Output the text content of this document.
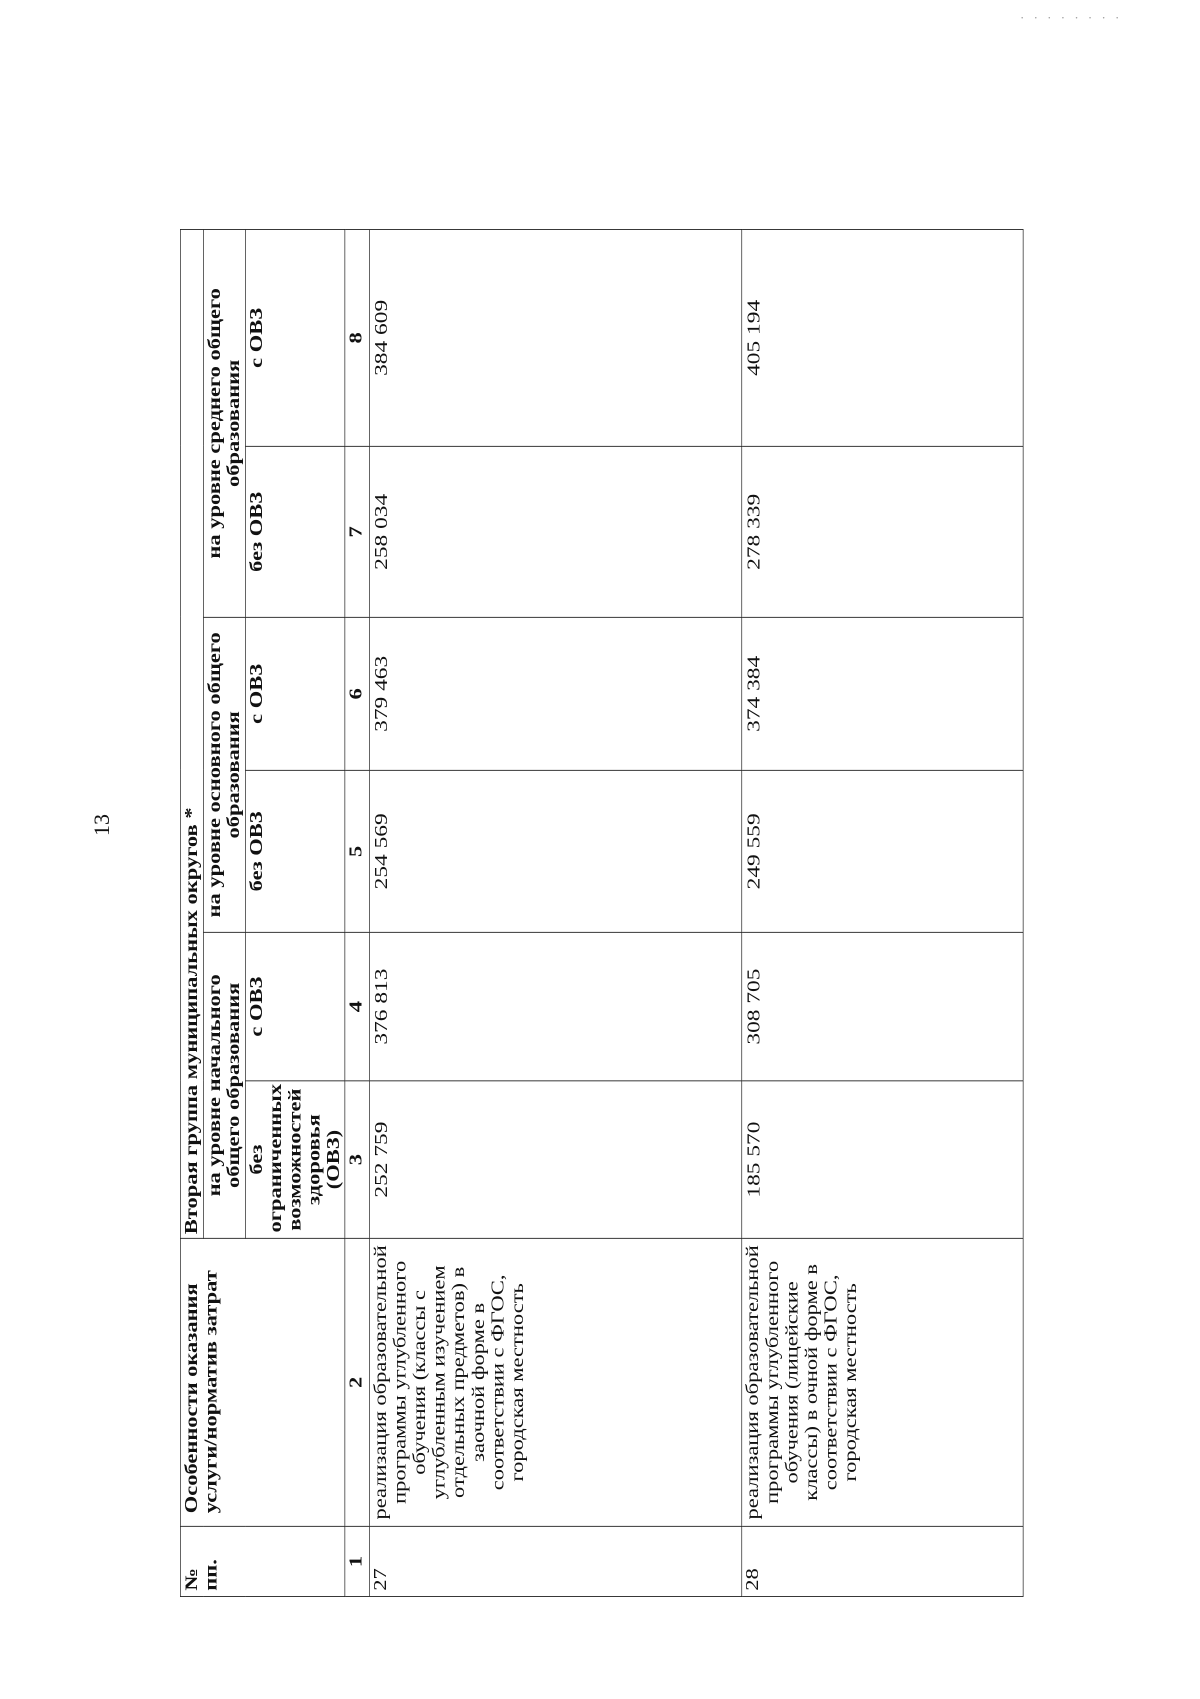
13
· · · · · · · ·
№ пп.	Особенности оказания услуги/норматив затрат	Вторая группа муниципальных округов *					
		на уровне начального общего образования		на уровне основного общего образования		на уровне среднего общего образования	
		без ограниченных возможностей здоровья (ОВЗ)	с ОВЗ	без ОВЗ	с ОВЗ	без ОВЗ	с ОВЗ
1	2	3	4	5	6	7	8
27	реализация образовательной программы углубленного обучения (классы с углубленным изучением отдельных предметов) в заочной форме в соответствии с ФГОС, городская местность	252 759	376 813	254 569	379 463	258 034	384 609
28	реализация образовательной программы углубленного обучения (лицейские классы) в очной форме в соответствии с ФГОС, городская местность	185 570	308 705	249 559	374 384	278 339	405 194
